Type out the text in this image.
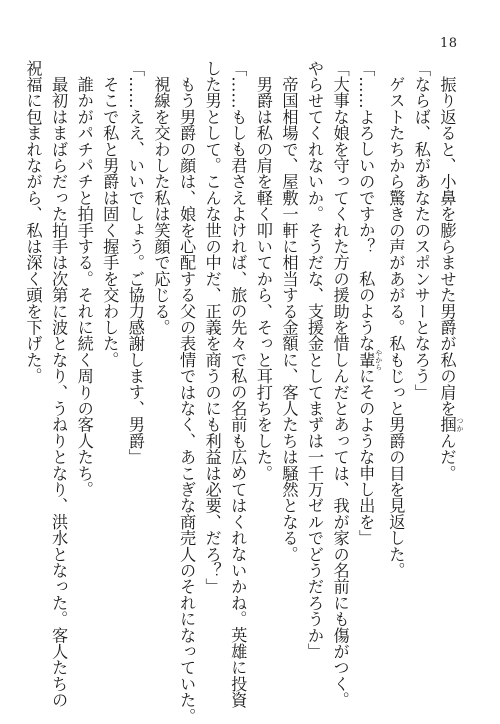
18
　振り返ると、小鼻を膨らませた男爵が私の肩を掴 つかんだ。
「ならば、私があなたのスポンサーとなろう」
　ゲストたちから驚きの声があがる。私もじっと男爵の目を見返した。
「……よろしいのですか？　私のような輩 やからにそのような申し出を」
「大事な娘を守ってくれた方の援助を惜しんだとあっては、我が家の名前にも傷がつく。
やらせてくれないか。そうだな、支援金としてまずは一千万ゼルでどうだろうか」
　帝国相場で、屋敷一軒に相当する金額に、客人たちは騒然となる。
　男爵は私の肩を軽く叩いてから、そっと耳打ちをした。
「……もしも君さえよければ、旅の先々で私の名前も広めてはくれないかね。英雄に投資
した男として。こんな世の中だ、正義を商うのにも利益は必要、だろ？」
　もう男爵の顔は、娘を心配する父の表情ではなく、あこぎな商売人のそれになっていた。
　視線を交わした私は笑顔で応じる。
「……ええ、いいでしょう。ご協力感謝します、男爵」
　そこで私と男爵は固く握手を交わした。
　誰かがパチパチと拍手する。それに続く周りの客人たち。
　最初はまばらだった拍手は次第に波となり、うねりとなり、洪水となった。客人たちの
祝福に包まれながら、私は深く頭を下げた。
